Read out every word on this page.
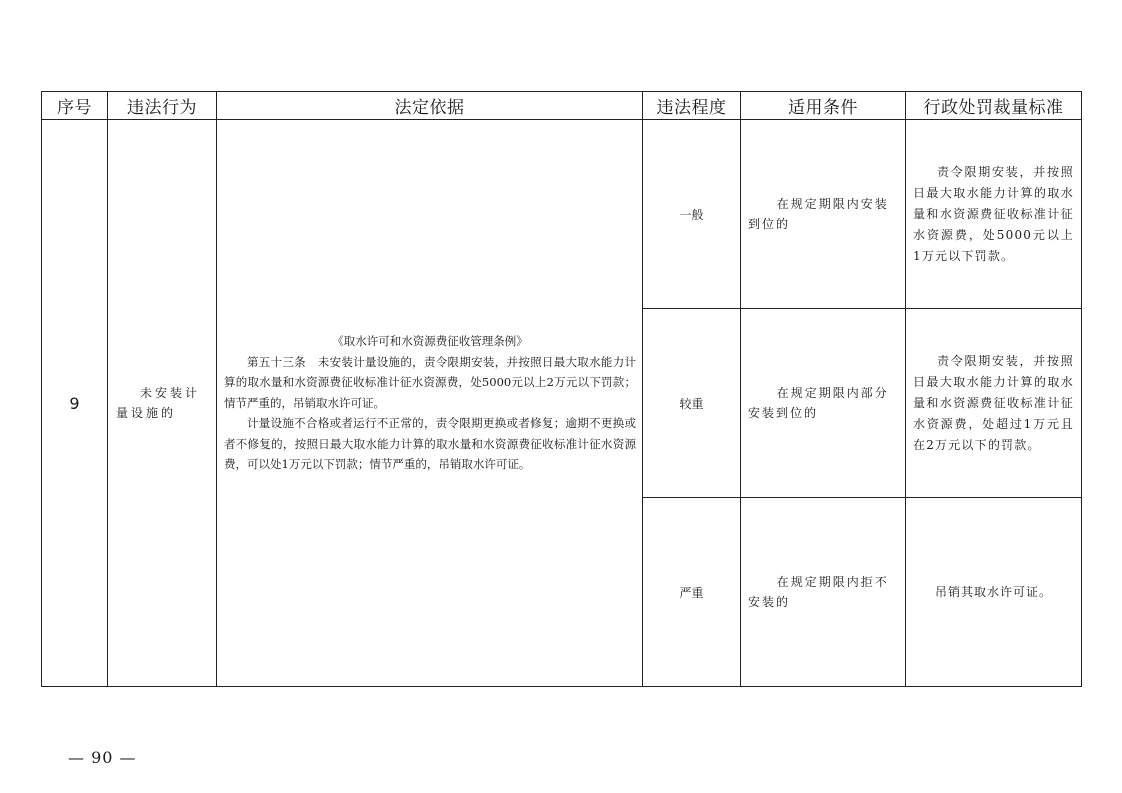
序号	违法行为	法定依据	违法程度	适用条件	行政处罚裁量标准
9	未安装计量设施的	《取水许可和水资源费征收管理条例》

第五十三条　未安装计量设施的，责令限期安装，并按照日最大取水能力计算的取水量和水资源费征收标准计征水资源费，处5000元以上2万元以下罚款；情节严重的，吊销取水许可证。

计量设施不合格或者运行不正常的，责令限期更换或者修复；逾期不更换或者不修复的，按照日最大取水能力计算的取水量和水资源费征收标准计征水资源费，可以处1万元以下罚款；情节严重的，吊销取水许可证。	一般	在规定期限内安装到位的	责令限期安装，并按照日最大取水能力计算的取水量和水资源费征收标准计征水资源费，处5000元以上1万元以下罚款。

			较重	在规定期限内部分安装到位的	责令限期安装，并按照日最大取水能力计算的取水量和水资源费征收标准计征水资源费，处超过1万元且在2万元以下的罚款。

			严重	在规定期限内拒不安装的	吊销其取水许可证。
— 90 —
